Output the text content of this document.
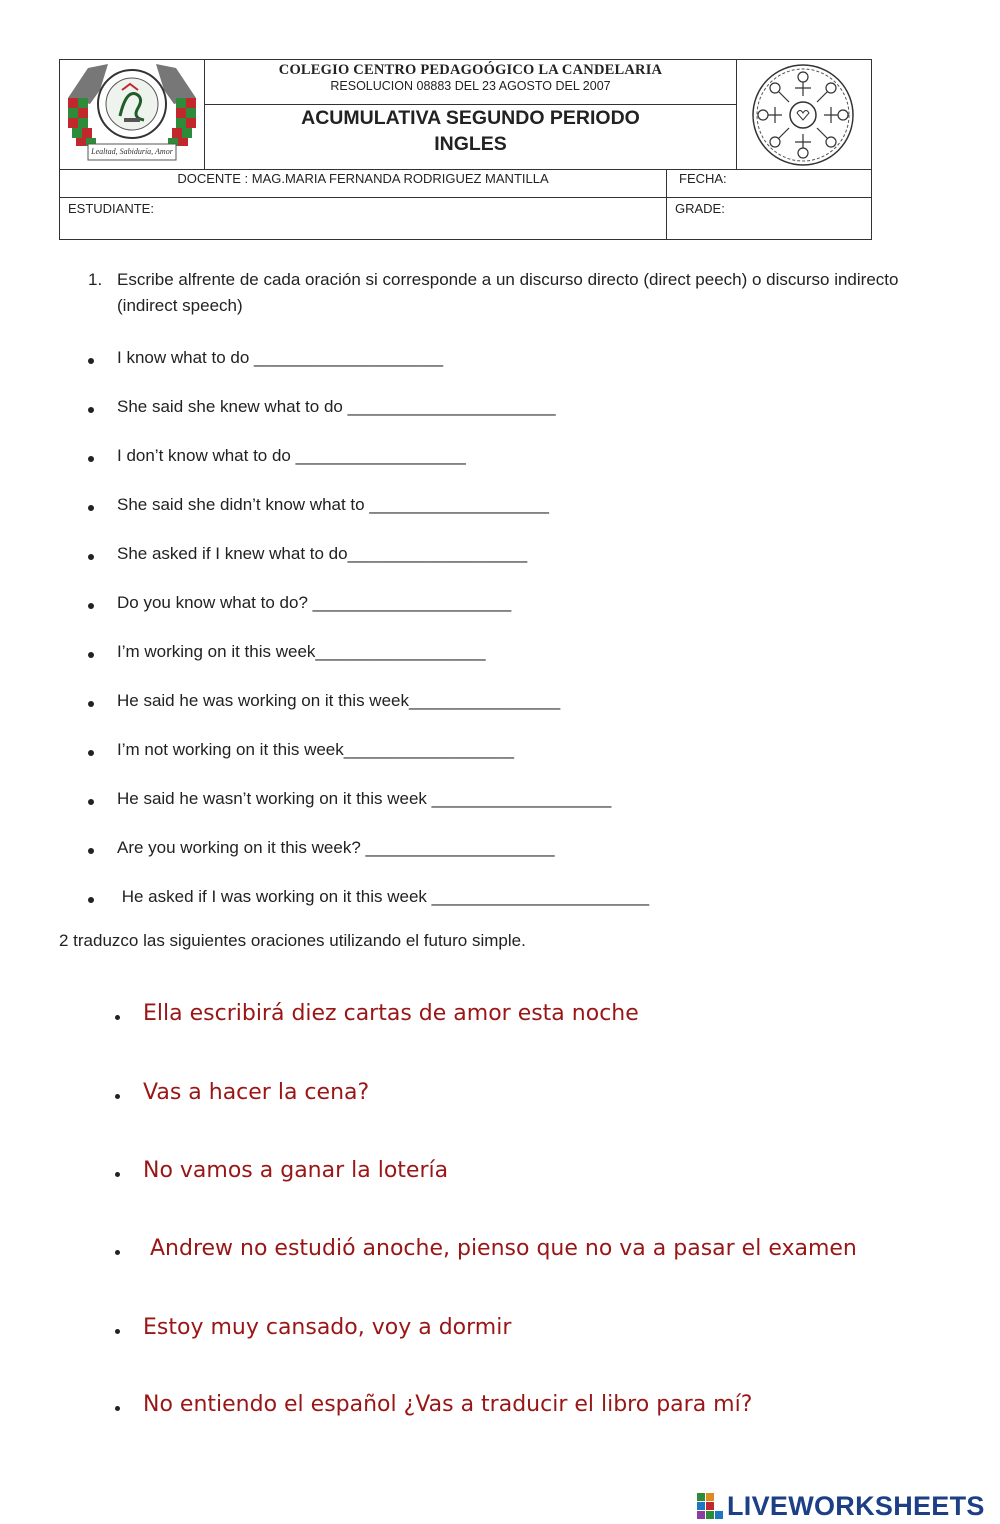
Lealtad, Sabiduría, Amor
COLEGIO CENTRO PEDAGOÓGICO LA CANDELARIA
RESOLUCION 08883 DEL 23 AGOSTO DEL 2007
ACUMULATIVA SEGUNDO PERIODO
INGLES
DOCENTE : MAG.MARIA FERNANDA RODRIGUEZ MANTILLA	FECHA:
ESTUDIANTE:	GRADE:
1. Escribe alfrente de cada oración si corresponde a un discurso directo (direct peech) o discurso indirecto (indirect speech)
I know what to do ____________________
She said she knew what to do ______________________
I don’t know what to do __________________
She said she didn’t know what to ___________________
She asked if I knew what to do___________________
Do you know what to do? _____________________
I’m working on it this week__________________
He said he was working on it this week________________
I’m not working on it this week__________________
He said he wasn’t working on it this week ___________________
Are you working on it this week? ____________________
He asked if I was working on it this week _______________________
2 traduzco las siguientes oraciones utilizando el futuro simple.
Ella escribirá diez cartas de amor esta noche
Vas a hacer la cena?
No vamos a ganar la lotería
Andrew no estudió anoche, pienso que no va a pasar el examen
Estoy muy cansado, voy a dormir
No entiendo el español ¿Vas a traducir el libro para mí?
LIVEWORKSHEETS
